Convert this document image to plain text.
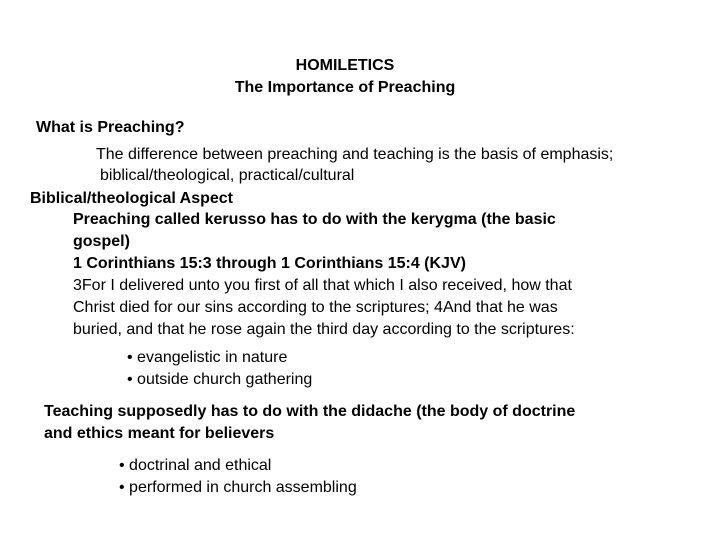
HOMILETICS
The Importance of Preaching
What is Preaching?
The difference between preaching and teaching is the basis of emphasis;
biblical/theological, practical/cultural
Biblical/theological Aspect
Preaching called kerusso has to do with the kerygma (the basic
gospel)
1 Corinthians 15:3 through 1 Corinthians 15:4 (KJV)
3For I delivered unto you first of all that which I also received, how that
Christ died for our sins according to the scriptures; 4And that he was
buried, and that he rose again the third day according to the scriptures:
• evangelistic in nature
• outside church gathering
Teaching supposedly has to do with the didache (the body of doctrine
and ethics meant for believers
• doctrinal and ethical
• performed in church assembling
